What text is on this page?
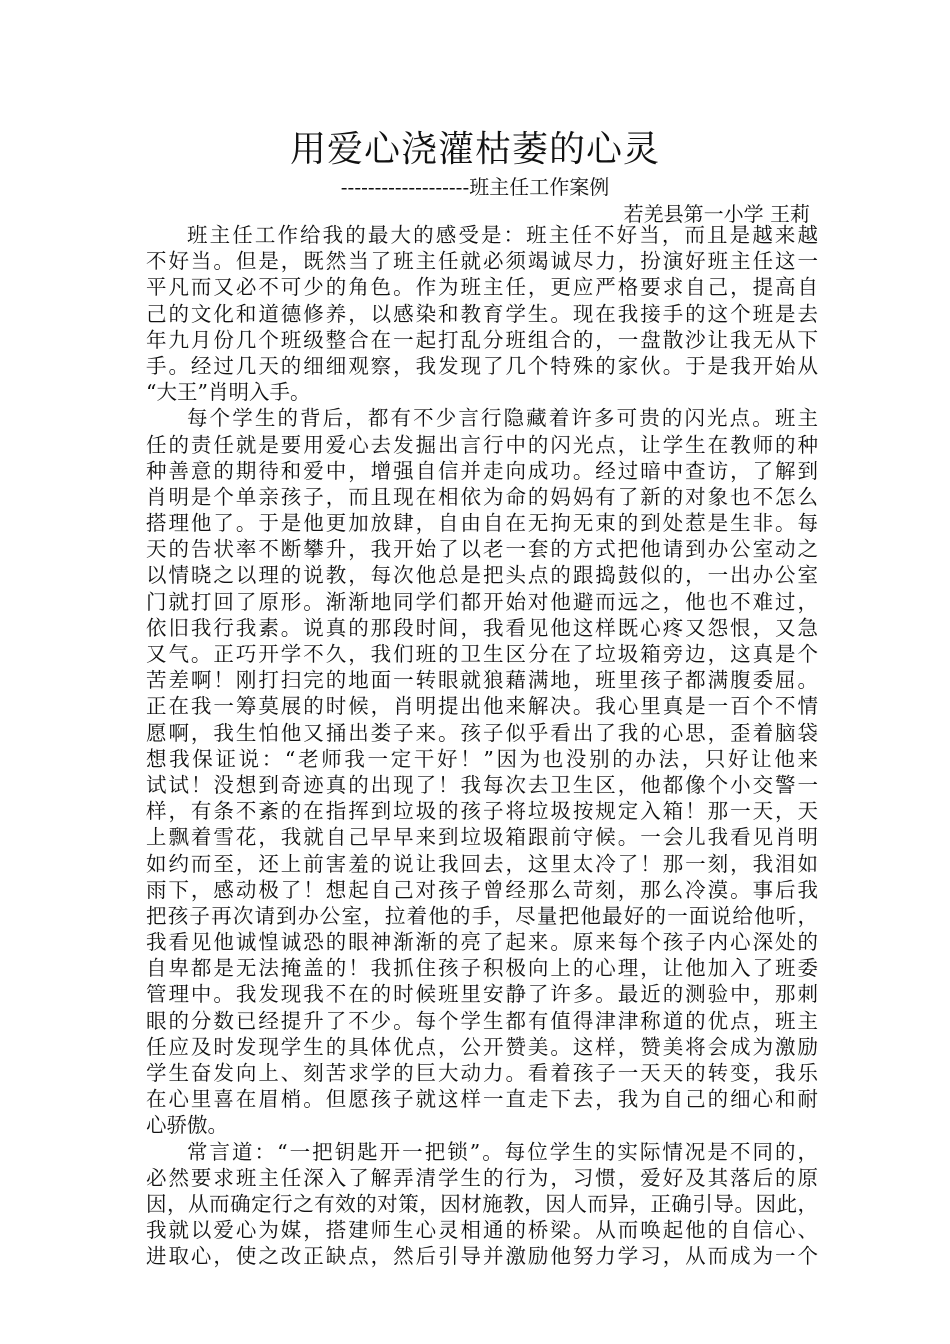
用爱心浇灌枯萎的心灵
-------------------班主任工作案例
若羌县第一小学 王莉
班主任工作给我的最大的感受是：班主任不好当，而且是越来越
不好当。但是，既然当了班主任就必须竭诚尽力，扮演好班主任这一
平凡而又必不可少的角色。作为班主任，更应严格要求自己，提高自
己的文化和道德修养，以感染和教育学生。现在我接手的这个班是去
年九月份几个班级整合在一起打乱分班组合的，一盘散沙让我无从下
手。经过几天的细细观察，我发现了几个特殊的家伙。于是我开始从
“大王”肖明入手。
每个学生的背后，都有不少言行隐藏着许多可贵的闪光点。班主
任的责任就是要用爱心去发掘出言行中的闪光点，让学生在教师的种
种善意的期待和爱中，增强自信并走向成功。经过暗中查访，了解到
肖明是个单亲孩子，而且现在相依为命的妈妈有了新的对象也不怎么
搭理他了。于是他更加放肆，自由自在无拘无束的到处惹是生非。每
天的告状率不断攀升，我开始了以老一套的方式把他请到办公室动之
以情晓之以理的说教，每次他总是把头点的跟捣鼓似的，一出办公室
门就打回了原形。渐渐地同学们都开始对他避而远之，他也不难过，
依旧我行我素。说真的那段时间，我看见他这样既心疼又怨恨，又急
又气。正巧开学不久，我们班的卫生区分在了垃圾箱旁边，这真是个
苦差啊！刚打扫完的地面一转眼就狼藉满地，班里孩子都满腹委屈。
正在我一筹莫展的时候，肖明提出他来解决。我心里真是一百个不情
愿啊，我生怕他又捅出娄子来。孩子似乎看出了我的心思，歪着脑袋
想我保证说：“老师我一定干好！”因为也没别的办法，只好让他来
试试！没想到奇迹真的出现了！我每次去卫生区，他都像个小交警一
样，有条不紊的在指挥到垃圾的孩子将垃圾按规定入箱！那一天，天
上飘着雪花，我就自己早早来到垃圾箱跟前守候。一会儿我看见肖明
如约而至，还上前害羞的说让我回去，这里太冷了！那一刻，我泪如
雨下，感动极了！想起自己对孩子曾经那么苛刻，那么冷漠。事后我
把孩子再次请到办公室，拉着他的手，尽量把他最好的一面说给他听，
我看见他诚惶诚恐的眼神渐渐的亮了起来。原来每个孩子内心深处的
自卑都是无法掩盖的！我抓住孩子积极向上的心理，让他加入了班委
管理中。我发现我不在的时候班里安静了许多。最近的测验中，那刺
眼的分数已经提升了不少。每个学生都有值得津津称道的优点，班主
任应及时发现学生的具体优点，公开赞美。这样，赞美将会成为激励
学生奋发向上、刻苦求学的巨大动力。看着孩子一天天的转变，我乐
在心里喜在眉梢。但愿孩子就这样一直走下去，我为自己的细心和耐
心骄傲。
常言道：“一把钥匙开一把锁”。每位学生的实际情况是不同的，
必然要求班主任深入了解弄清学生的行为，习惯，爱好及其落后的原
因，从而确定行之有效的对策，因材施教，因人而异，正确引导。因此，
我就以爱心为媒，搭建师生心灵相通的桥梁。从而唤起他的自信心、
进取心，使之改正缺点，然后引导并激励他努力学习，从而成为一个
